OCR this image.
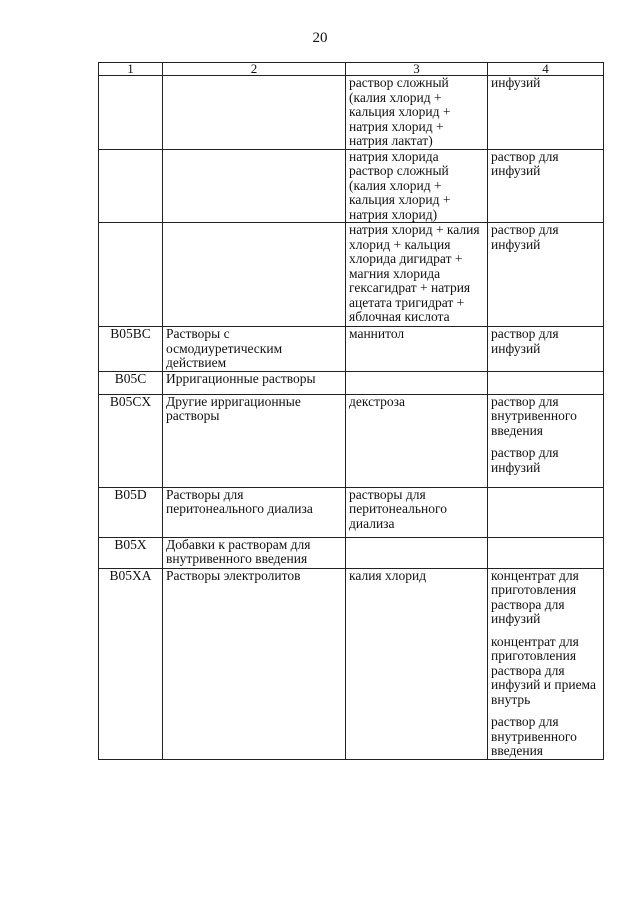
20
1	2	3	4
		раствор сложный (калия хлорид + кальция хлорид + натрия хлорид + натрия лактат)	инфузий

		натрия хлорида раствор сложный (калия хлорид + кальция хлорид + натрия хлорид)	раствор для инфузий

		натрия хлорид + калия хлорид + кальция хлорида дигидрат + магния хлорида гексагидрат + натрия ацетата тригидрат + яблочная кислота	раствор для инфузий

B05BC	Растворы с осмодиуретическим действием	маннитол	раствор для инфузий

B05C	Ирригационные растворы		
B05CX	Другие ирригационные растворы	декстроза	раствор для внутривенного введения
раствор для инфузий

B05D	Растворы для перитонеального диализа	растворы для перитонеального диализа	
B05X	Добавки к растворам для внутривенного введения		
B05XA	Растворы электролитов	калия хлорид	концентрат для приготовления раствора для инфузий
концентрат для приготовления раствора для инфузий и приема внутрь
раствор для внутривенного введения
